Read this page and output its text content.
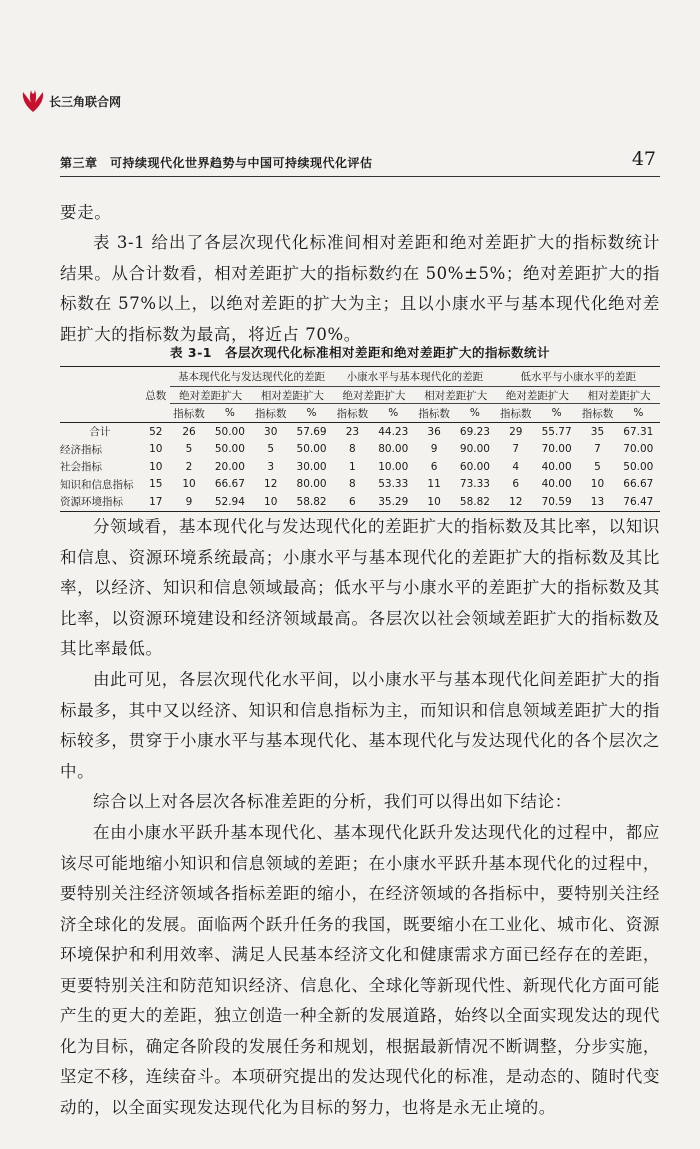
长三角联合网
第三章　可持续现代化世界趋势与中国可持续现代化评估	47

要走。

表 3-1 给出了各层次现代化标准间相对差距和绝对差距扩大的指标数统计结果。从合计数看，相对差距扩大的指标数约在 50%±5%；绝对差距扩大的指标数在 57%以上，以绝对差距的扩大为主；且以小康水平与基本现代化绝对差距扩大的指标数为最高，将近占 70%。

表 3-1　各层次现代化标准相对差距和绝对差距扩大的指标数统计
		基本现代化与发达现代化的差距				小康水平与基本现代化的差距				低水平与小康水平的差距			
	总数	绝对差距扩大		相对差距扩大		绝对差距扩大		相对差距扩大		绝对差距扩大		相对差距扩大	
		指标数	%	指标数	%	指标数	%	指标数	%	指标数	%	指标数	%
合计	52	26	50.00	30	57.69	23	44.23	36	69.23	29	55.77	35	67.31
经济指标	10	5	50.00	5	50.00	8	80.00	9	90.00	7	70.00	7	70.00
社会指标	10	2	20.00	3	30.00	1	10.00	6	60.00	4	40.00	5	50.00
知识和信息指标	15	10	66.67	12	80.00	8	53.33	11	73.33	6	40.00	10	66.67
资源环境指标	17	9	52.94	10	58.82	6	35.29	10	58.82	12	70.59	13	76.47

分领域看，基本现代化与发达现代化的差距扩大的指标数及其比率，以知识和信息、资源环境系统最高；小康水平与基本现代化的差距扩大的指标数及其比率，以经济、知识和信息领域最高；低水平与小康水平的差距扩大的指标数及其比率，以资源环境建设和经济领域最高。各层次以社会领域差距扩大的指标数及其比率最低。

由此可见，各层次现代化水平间，以小康水平与基本现代化间差距扩大的指标最多，其中又以经济、知识和信息指标为主，而知识和信息领域差距扩大的指标较多，贯穿于小康水平与基本现代化、基本现代化与发达现代化的各个层次之中。

综合以上对各层次各标准差距的分析，我们可以得出如下结论：

在由小康水平跃升基本现代化、基本现代化跃升发达现代化的过程中，都应该尽可能地缩小知识和信息领域的差距；在小康水平跃升基本现代化的过程中，要特别关注经济领域各指标差距的缩小，在经济领域的各指标中，要特别关注经济全球化的发展。面临两个跃升任务的我国，既要缩小在工业化、城市化、资源环境保护和利用效率、满足人民基本经济文化和健康需求方面已经存在的差距，更要特别关注和防范知识经济、信息化、全球化等新现代性、新现代化方面可能产生的更大的差距，独立创造一种全新的发展道路，始终以全面实现发达的现代化为目标，确定各阶段的发展任务和规划，根据最新情况不断调整，分步实施，坚定不移，连续奋斗。本项研究提出的发达现代化的标准，是动态的、随时代变动的，以全面实现发达现代化为目标的努力，也将是永无止境的。
